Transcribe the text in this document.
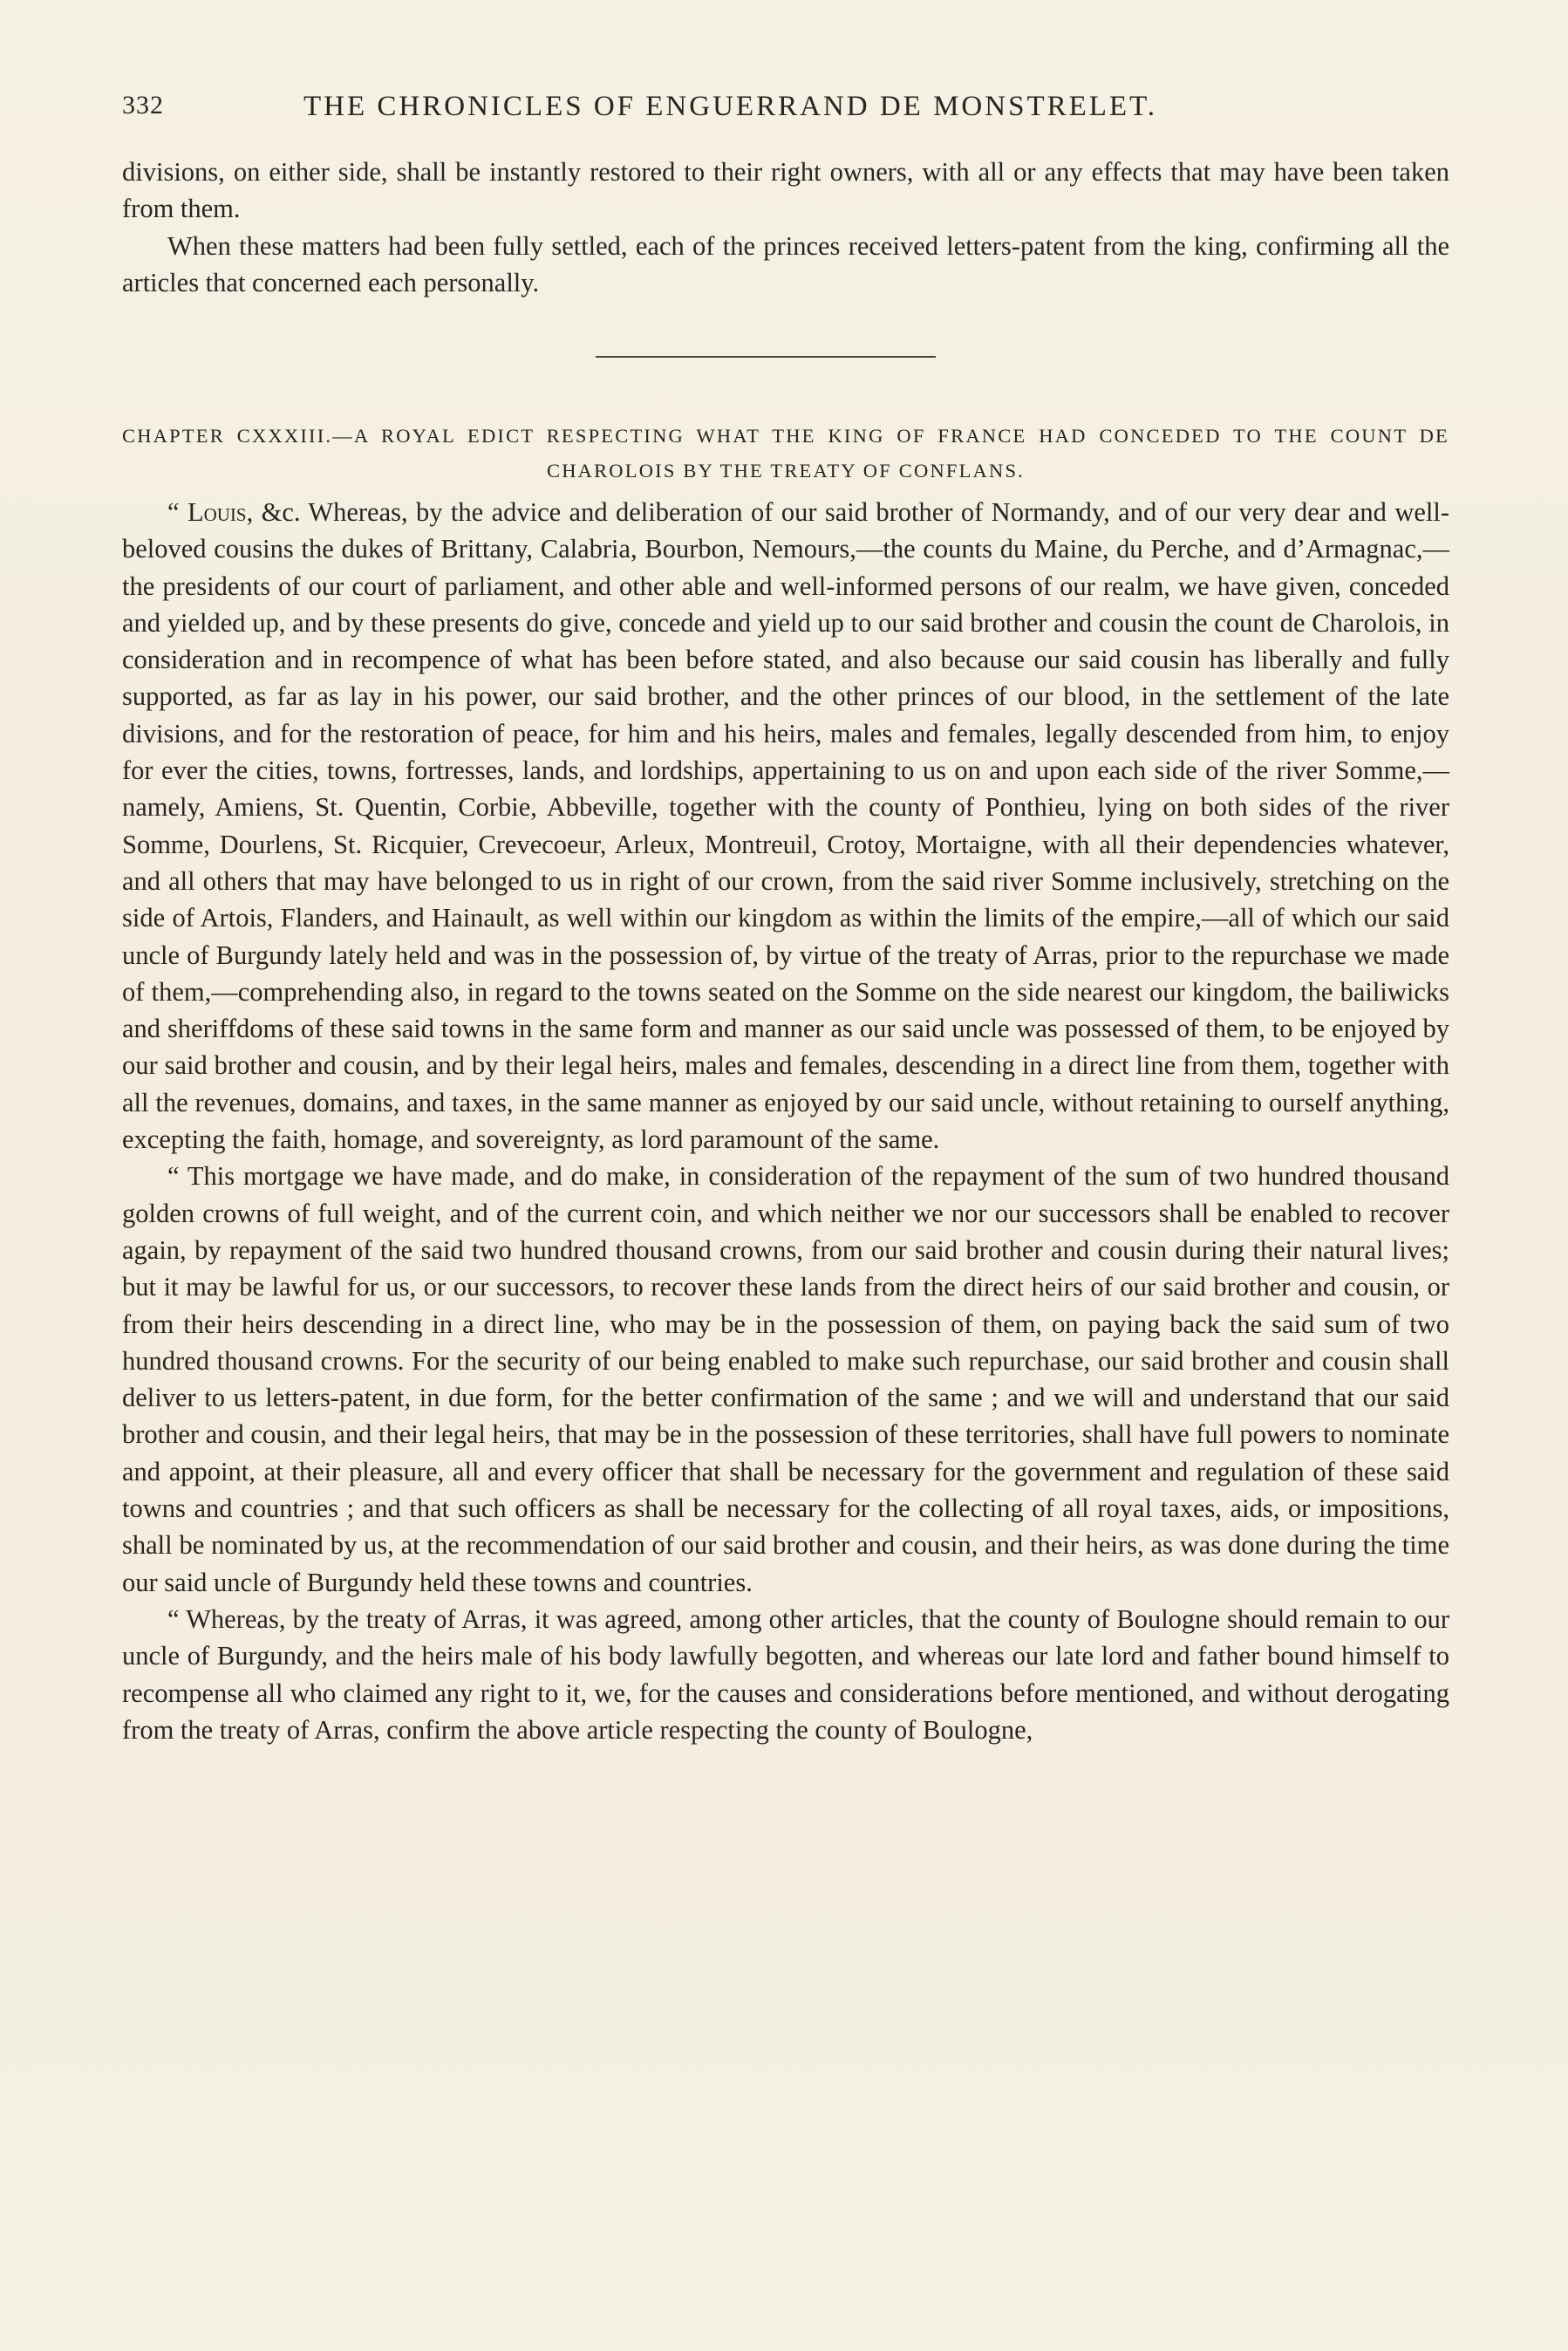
332	THE CHRONICLES OF ENGUERRAND DE MONSTRELET.

divisions, on either side, shall be instantly restored to their right owners, with all or any effects that may have been taken from them.

When these matters had been fully settled, each of the princes received letters-patent from the king, confirming all the articles that concerned each personally.

CHAPTER CXXXIII.—A ROYAL EDICT RESPECTING WHAT THE KING OF FRANCE HAD CONCEDED TO THE COUNT DE CHAROLOIS BY THE TREATY OF CONFLANS.

“ Louis, &c. Whereas, by the advice and deliberation of our said brother of Normandy, and of our very dear and well-beloved cousins the dukes of Brittany, Calabria, Bourbon, Nemours,—the counts du Maine, du Perche, and d’Armagnac,—the presidents of our court of parliament, and other able and well-informed persons of our realm, we have given, conceded and yielded up, and by these presents do give, concede and yield up to our said brother and cousin the count de Charolois, in consideration and in recompence of what has been before stated, and also because our said cousin has liberally and fully supported, as far as lay in his power, our said brother, and the other princes of our blood, in the settlement of the late divisions, and for the restoration of peace, for him and his heirs, males and females, legally descended from him, to enjoy for ever the cities, towns, fortresses, lands, and lordships, appertaining to us on and upon each side of the river Somme,—namely, Amiens, St. Quentin, Corbie, Abbeville, together with the county of Ponthieu, lying on both sides of the river Somme, Dourlens, St. Ricquier, Crevecoeur, Arleux, Montreuil, Crotoy, Mortaigne, with all their dependencies whatever, and all others that may have belonged to us in right of our crown, from the said river Somme inclusively, stretching on the side of Artois, Flanders, and Hainault, as well within our kingdom as within the limits of the empire,—all of which our said uncle of Burgundy lately held and was in the possession of, by virtue of the treaty of Arras, prior to the repurchase we made of them,—comprehending also, in regard to the towns seated on the Somme on the side nearest our kingdom, the bailiwicks and sheriffdoms of these said towns in the same form and manner as our said uncle was possessed of them, to be enjoyed by our said brother and cousin, and by their legal heirs, males and females, descending in a direct line from them, together with all the revenues, domains, and taxes, in the same manner as enjoyed by our said uncle, without retaining to ourself anything, excepting the faith, homage, and sovereignty, as lord paramount of the same.

“ This mortgage we have made, and do make, in consideration of the repayment of the sum of two hundred thousand golden crowns of full weight, and of the current coin, and which neither we nor our successors shall be enabled to recover again, by repayment of the said two hundred thousand crowns, from our said brother and cousin during their natural lives; but it may be lawful for us, or our successors, to recover these lands from the direct heirs of our said brother and cousin, or from their heirs descending in a direct line, who may be in the possession of them, on paying back the said sum of two hundred thousand crowns. For the security of our being enabled to make such repurchase, our said brother and cousin shall deliver to us letters-patent, in due form, for the better confirmation of the same ; and we will and understand that our said brother and cousin, and their legal heirs, that may be in the possession of these territories, shall have full powers to nominate and appoint, at their pleasure, all and every officer that shall be necessary for the government and regulation of these said towns and countries ; and that such officers as shall be necessary for the collecting of all royal taxes, aids, or impositions, shall be nominated by us, at the recommendation of our said brother and cousin, and their heirs, as was done during the time our said uncle of Burgundy held these towns and countries.

“ Whereas, by the treaty of Arras, it was agreed, among other articles, that the county of Boulogne should remain to our uncle of Burgundy, and the heirs male of his body lawfully begotten, and whereas our late lord and father bound himself to recompense all who claimed any right to it, we, for the causes and considerations before mentioned, and without derogating from the treaty of Arras, confirm the above article respecting the county of Boulogne,
